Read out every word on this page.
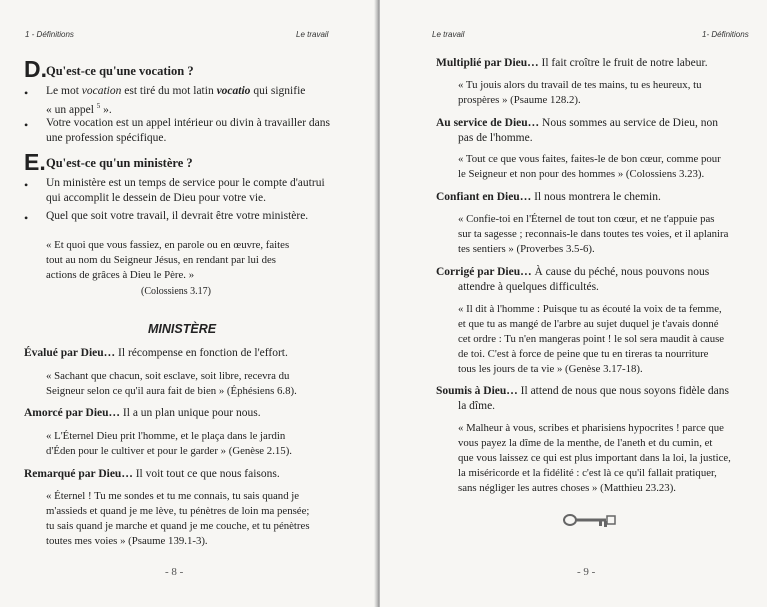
1 - Définitions	Le travail
D. Qu'est-ce qu'une vocation ?
• Le mot vocation est tiré du mot latin vocatio qui signifie
« un appel $^5$ ».
• Votre vocation est un appel intérieur ou divin à travailler dans
une profession spécifique.
E. Qu'est-ce qu'un ministère ?
• Un ministère est un temps de service pour le compte d'autrui
qui accomplit le dessein de Dieu pour votre vie.
• Quel que soit votre travail, il devrait être votre ministère.
« Et quoi que vous fassiez, en parole ou en œuvre, faites
tout au nom du Seigneur Jésus, en rendant par lui des
actions de grâces à Dieu le Père. »
(Colossiens 3.17)
MINISTÈRE
Évalué par Dieu… Il récompense en fonction de l'effort.
« Sachant que chacun, soit esclave, soit libre, recevra du
Seigneur selon ce qu'il aura fait de bien » (Éphésiens 6.8).
Amorcé par Dieu… Il a un plan unique pour nous.
« L'Éternel Dieu prit l'homme, et le plaça dans le jardin
d'Éden pour le cultiver et pour le garder » (Genèse 2.15).
Remarqué par Dieu… Il voit tout ce que nous faisons.
« Éternel ! Tu me sondes et tu me connais, tu sais quand je
m'assieds et quand je me lève, tu pénètres de loin ma pensée;
tu sais quand je marche et quand je me couche, et tu pénètres
toutes mes voies » (Psaume 139.1-3).
- 8 -
Le travail	1- Définitions
Multiplié par Dieu… Il fait croître le fruit de notre labeur.
« Tu jouis alors du travail de tes mains, tu es heureux, tu
prospères » (Psaume 128.2).
Au service de Dieu… Nous sommes au service de Dieu, non
pas de l'homme.
« Tout ce que vous faites, faites-le de bon cœur, comme pour
le Seigneur et non pour des hommes » (Colossiens 3.23).
Confiant en Dieu… Il nous montrera le chemin.
« Confie-toi en l'Éternel de tout ton cœur, et ne t'appuie pas
sur ta sagesse ; reconnais-le dans toutes tes voies, et il aplanira
tes sentiers » (Proverbes 3.5-6).
Corrigé par Dieu… À cause du péché, nous pouvons nous
attendre à quelques difficultés.
« Il dit à l'homme : Puisque tu as écouté la voix de ta femme,
et que tu as mangé de l'arbre au sujet duquel je t'avais donné
cet ordre : Tu n'en mangeras point ! le sol sera maudit à cause
de toi. C'est à force de peine que tu en tireras ta nourriture
tous les jours de ta vie » (Genèse 3.17-18).
Soumis à Dieu… Il attend de nous que nous soyons fidèle dans
la dîme.
« Malheur à vous, scribes et pharisiens hypocrites ! parce que
vous payez la dîme de la menthe, de l'aneth et du cumin, et
que vous laissez ce qui est plus important dans la loi, la justice,
la miséricorde et la fidélité : c'est là ce qu'il fallait pratiquer,
sans négliger les autres choses » (Matthieu 23.23).
- 9 -
